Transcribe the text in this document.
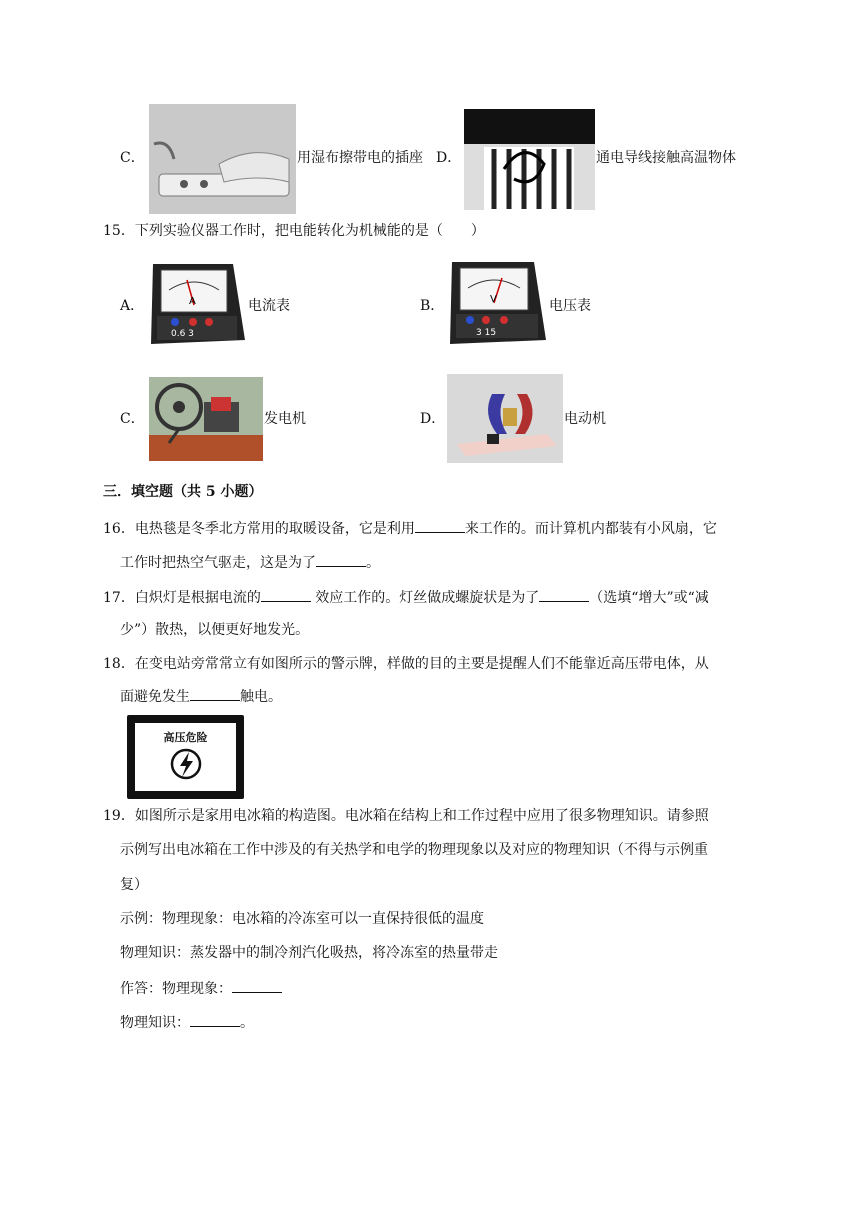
C．	用湿布擦带电的插座 D．	通电导线接触高温物体
15．下列实验仪器工作时，把电能转化为机械能的是（　　）
A．	A
0.6 3
电流表	B．	V
3 15
电压表
C．	发电机	D．	电动机
三．填空题（共 5 小题）
16．电热毯是冬季北方常用的取暖设备，它是利用	来工作的。而计算机内都装有小风扇，它
工作时把热空气驱走，这是为了	。
17．白炽灯是根据电流的	效应工作的。灯丝做成螺旋状是为了	（选填“增大”或“减
少”）散热，以便更好地发光。
18．在变电站旁常常立有如图所示的警示牌，样做的目的主要是提醒人们不能靠近高压带电体，从
面避免发生	触电。
高压危险
19．如图所示是家用电冰箱的构造图。电冰箱在结构上和工作过程中应用了很多物理知识。请参照
示例写出电冰箱在工作中涉及的有关热学和电学的物理现象以及对应的物理知识（不得与示例重
复）
示例：物理现象：电冰箱的冷冻室可以一直保持很低的温度
物理知识：蒸发器中的制冷剂汽化吸热，将冷冻室的热量带走
作答：物理现象：
物理知识：	。
